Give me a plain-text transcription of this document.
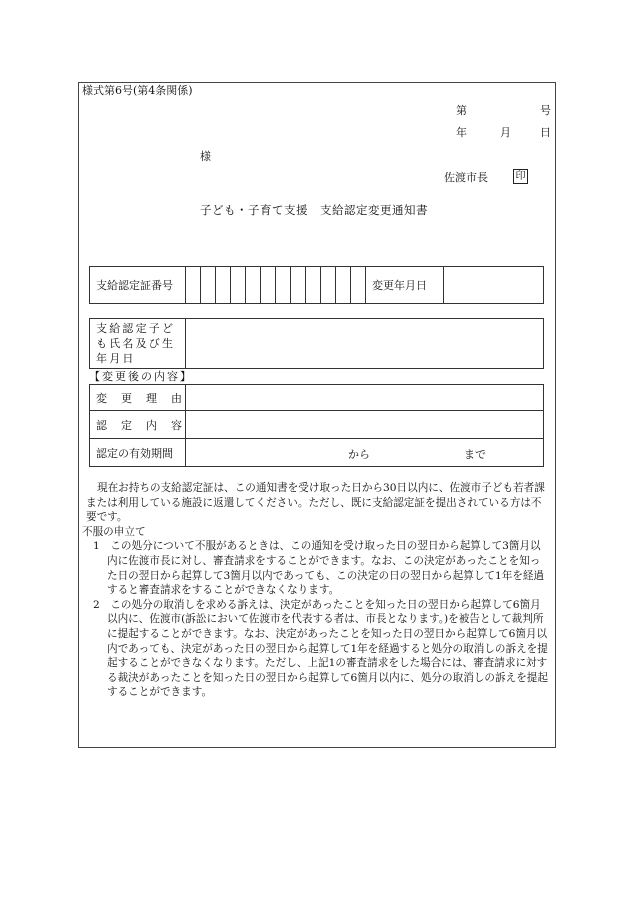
様式第6号(第4条関係)
第	号
年	月	日
様
佐渡市長	印
子ども・子育て支援　支給認定変更通知書
支給認定証番号													変更年月日	
支給認定子ども氏名及び生年月日	
【変更後の内容】
変更理由	
認定内容	
認定の有効期間	から まで

現在お持ちの支給認定証は、この通知書を受け取った日から30日以内に、佐渡市子ども若者課または利用している施設に返還してください。ただし、既に支給認定証を提出されている方は不要です。

不服の申立て

1　この処分について不服があるときは、この通知を受け取った日の翌日から起算して3箇月以内に佐渡市長に対し、審査請求をすることができます。なお、この決定があったことを知った日の翌日から起算して3箇月以内であっても、この決定の日の翌日から起算して1年を経過すると審査請求をすることができなくなります。

2　この処分の取消しを求める訴えは、決定があったことを知った日の翌日から起算して6箇月以内に、佐渡市(訴訟において佐渡市を代表する者は、市長となります。)を被告として裁判所に提起することができます。なお、決定があったことを知った日の翌日から起算して6箇月以内であっても、決定があった日の翌日から起算して1年を経過すると処分の取消しの訴えを提起することができなくなります。ただし、上記1の審査請求をした場合には、審査請求に対する裁決があったことを知った日の翌日から起算して6箇月以内に、処分の取消しの訴えを提起することができます。
